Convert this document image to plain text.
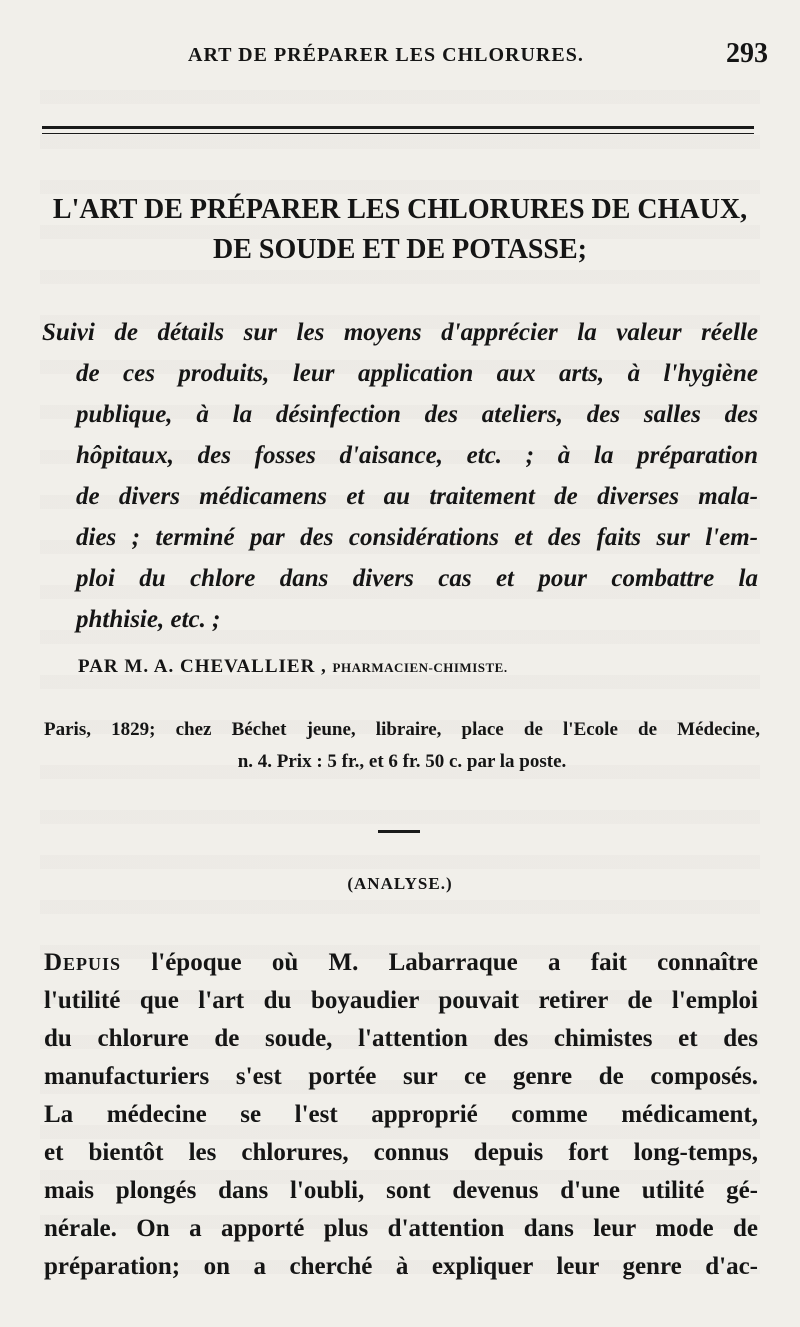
ART DE PRÉPARER LES CHLORURES.	293
L'ART DE PRÉPARER LES CHLORURES DE CHAUX,
DE SOUDE ET DE POTASSE;
Suivi de détails sur les moyens d'apprécier la valeur réelle
de ces produits, leur application aux arts, à l'hygiène
publique, à la désinfection des ateliers, des salles des
hôpitaux, des fosses d'aisance, etc. ; à la préparation
de divers médicamens et au traitement de diverses mala-
dies ; terminé par des considérations et des faits sur l'em-
ploi du chlore dans divers cas et pour combattre la
phthisie, etc. ;
PAR M. A. CHEVALLIER , PHARMACIEN-CHIMISTE.
Paris, 1829; chez Béchet jeune, libraire, place de l'Ecole de Médecine,
n. 4. Prix : 5 fr., et 6 fr. 50 c. par la poste.
(ANALYSE.)
Depuis l'époque où M. Labarraque a fait connaître
l'utilité que l'art du boyaudier pouvait retirer de l'emploi
du chlorure de soude, l'attention des chimistes et des
manufacturiers s'est portée sur ce genre de composés.
La médecine se l'est approprié comme médicament,
et bientôt les chlorures, connus depuis fort long-temps,
mais plongés dans l'oubli, sont devenus d'une utilité gé-
nérale. On a apporté plus d'attention dans leur mode de
préparation; on a cherché à expliquer leur genre d'ac-
